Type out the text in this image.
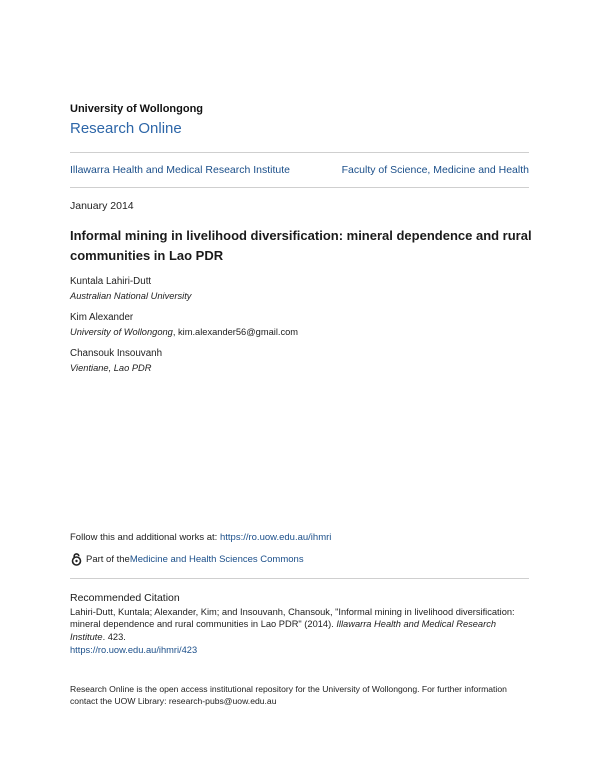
University of Wollongong
Research Online
Illawarra Health and Medical Research Institute	Faculty of Science, Medicine and Health
January 2014
Informal mining in livelihood diversification: mineral dependence and rural communities in Lao PDR
Kuntala Lahiri-Dutt
Australian National University
Kim Alexander
University of Wollongong, kim.alexander56@gmail.com
Chansouk Insouvanh
Vientiane, Lao PDR
Follow this and additional works at: https://ro.uow.edu.au/ihmri
Part of the Medicine and Health Sciences Commons
Recommended Citation
Lahiri-Dutt, Kuntala; Alexander, Kim; and Insouvanh, Chansouk, "Informal mining in livelihood diversification: mineral dependence and rural communities in Lao PDR" (2014). Illawarra Health and Medical Research Institute. 423.
https://ro.uow.edu.au/ihmri/423
Research Online is the open access institutional repository for the University of Wollongong. For further information contact the UOW Library: research-pubs@uow.edu.au
